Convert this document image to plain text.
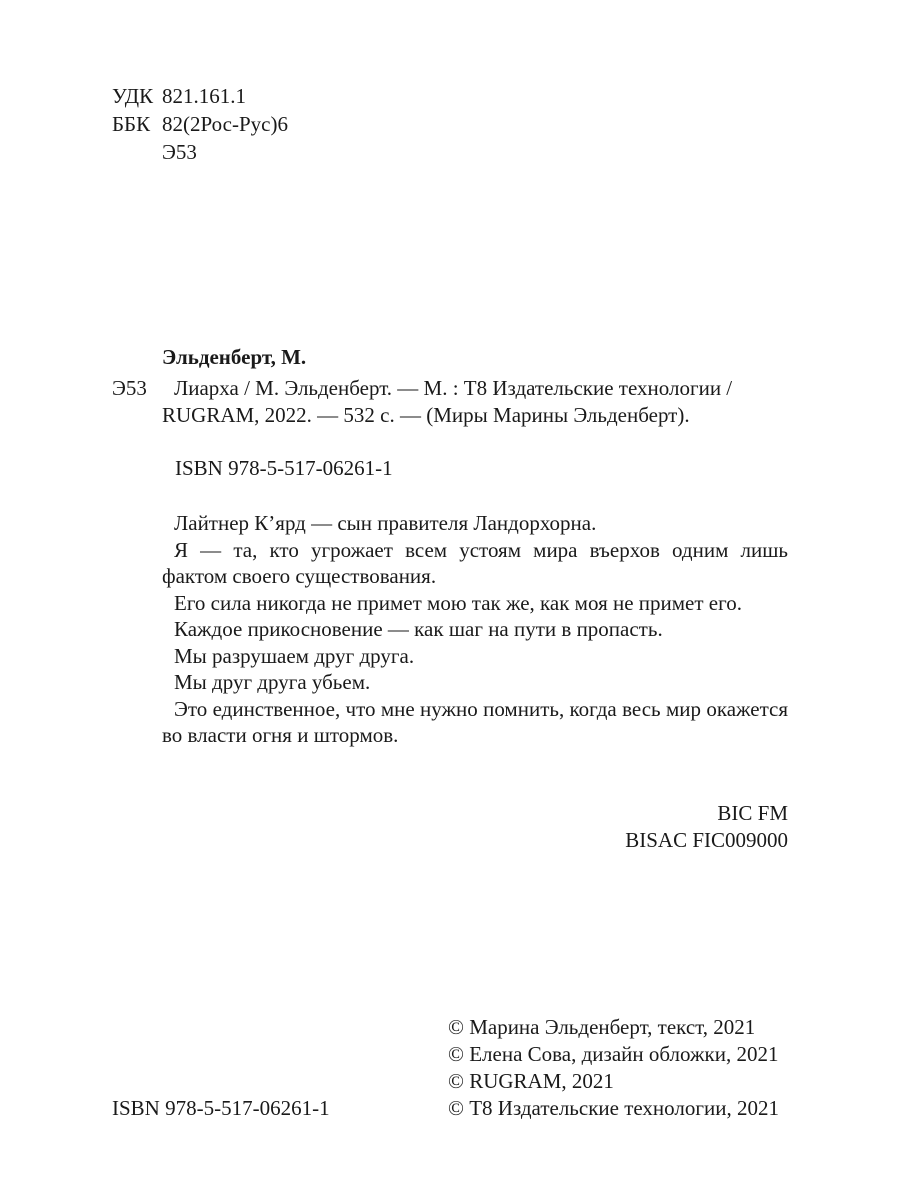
УДК 821.161.1
ББК 82(2Рос-Рус)6
Э53
Эльденберт, М.
Э53	Лиарха / М. Эльденберт. — М. : Т8 Издательские технологии /
RUGRAM, 2022. — 532 с. — (Миры Марины Эльденберт).
ISBN 978-5-517-06261-1

Лайтнер К’ярд — сын правителя Ландорхорна.

Я — та, кто угрожает всем устоям мира въерхов одним лишь фактом своего существования.

Его сила никогда не примет мою так же, как моя не примет его.

Каждое прикосновение — как шаг на пути в пропасть.

Мы разрушаем друг друга.

Мы друг друга убьем.

Это единственное, что мне нужно помнить, когда весь мир окажется во власти огня и штормов.

BIC FM
BISAC FIC009000
© Марина Эльденберт, текст, 2021
© Елена Сова, дизайн обложки, 2021
© RUGRAM, 2021
© Т8 Издательские технологии, 2021
ISBN 978-5-517-06261-1
